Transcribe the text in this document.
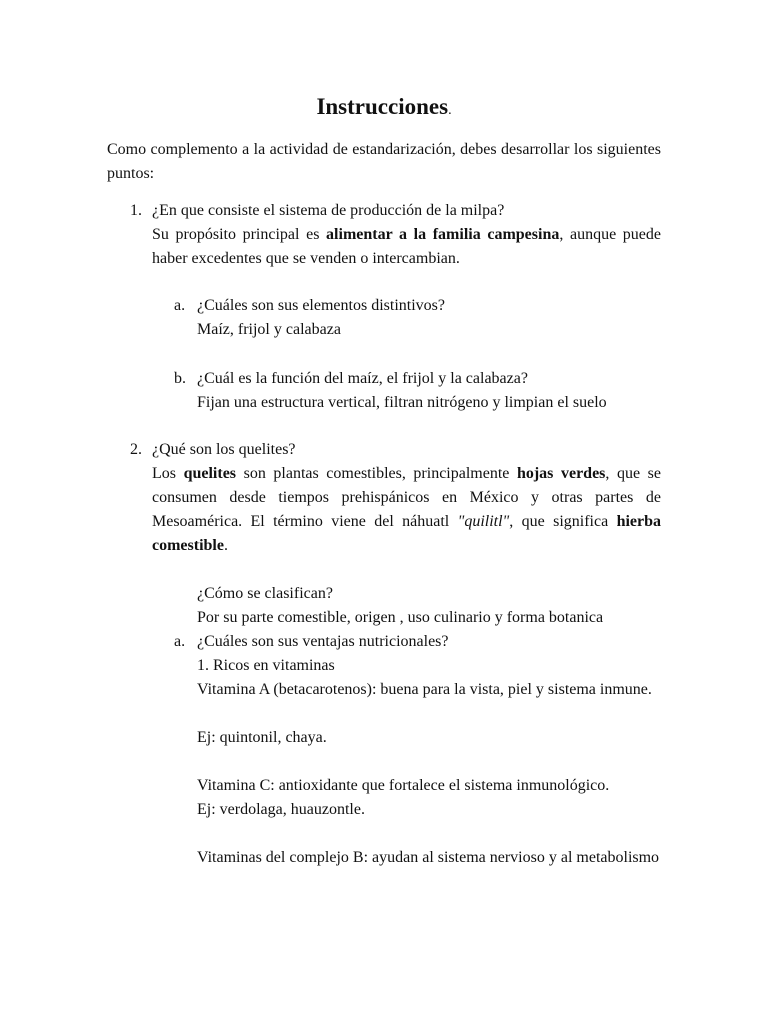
Instrucciones.
Como complemento a la actividad de estandarización, debes desarrollar los siguientes puntos:
1. ¿En que consiste el sistema de producción de la milpa?
Su propósito principal es alimentar a la familia campesina, aunque puede haber excedentes que se venden o intercambian.
a. ¿Cuáles son sus elementos distintivos?
Maíz, frijol y calabaza
b. ¿Cuál es la función del maíz, el frijol y la calabaza?
Fijan una estructura vertical, filtran nitrógeno y limpian el suelo
2. ¿Qué son los quelites?
Los quelites son plantas comestibles, principalmente hojas verdes, que se consumen desde tiempos prehispánicos en México y otras partes de Mesoamérica. El término viene del náhuatl "quilitl", que significa hierba comestible.
¿Cómo se clasifican?
Por su parte comestible, origen , uso culinario y forma botanica
a. ¿Cuáles son sus ventajas nutricionales?
1. Ricos en vitaminas
Vitamina A (betacarotenos): buena para la vista, piel y sistema inmune.
Ej: quintonil, chaya.
Vitamina C: antioxidante que fortalece el sistema inmunológico.
Ej: verdolaga, huauzontle.
Vitaminas del complejo B: ayudan al sistema nervioso y al metabolismo
